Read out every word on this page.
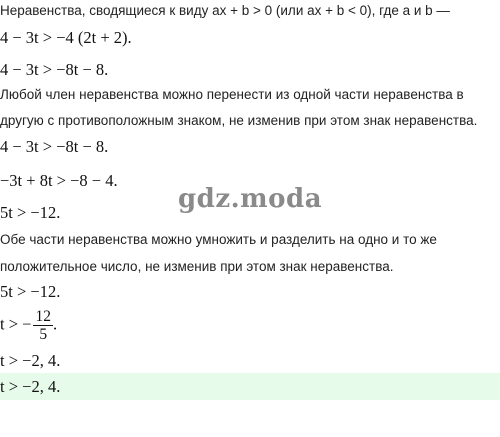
Неравенства, сводящиеся к виду ax + b > 0 (или ax + b < 0), где a и b —
4 − 3t > −4 (2t + 2).
4 − 3t > −8t − 8.
Любой член неравенства можно перенести из одной части неравенства в
другую с противоположным знаком, не изменив при этом знак неравенства.
4 − 3t > −8t − 8.
−3t + 8t > −8 − 4.
5t > −12.	gdz.moda
Обе части неравенства можно умножить и разделить на одно и то же
положительное число, не изменив при этом знак неравенства.
5t > −12.
t > − $\frac{12}{5}$ .
t > −2, 4.
t > −2, 4.
